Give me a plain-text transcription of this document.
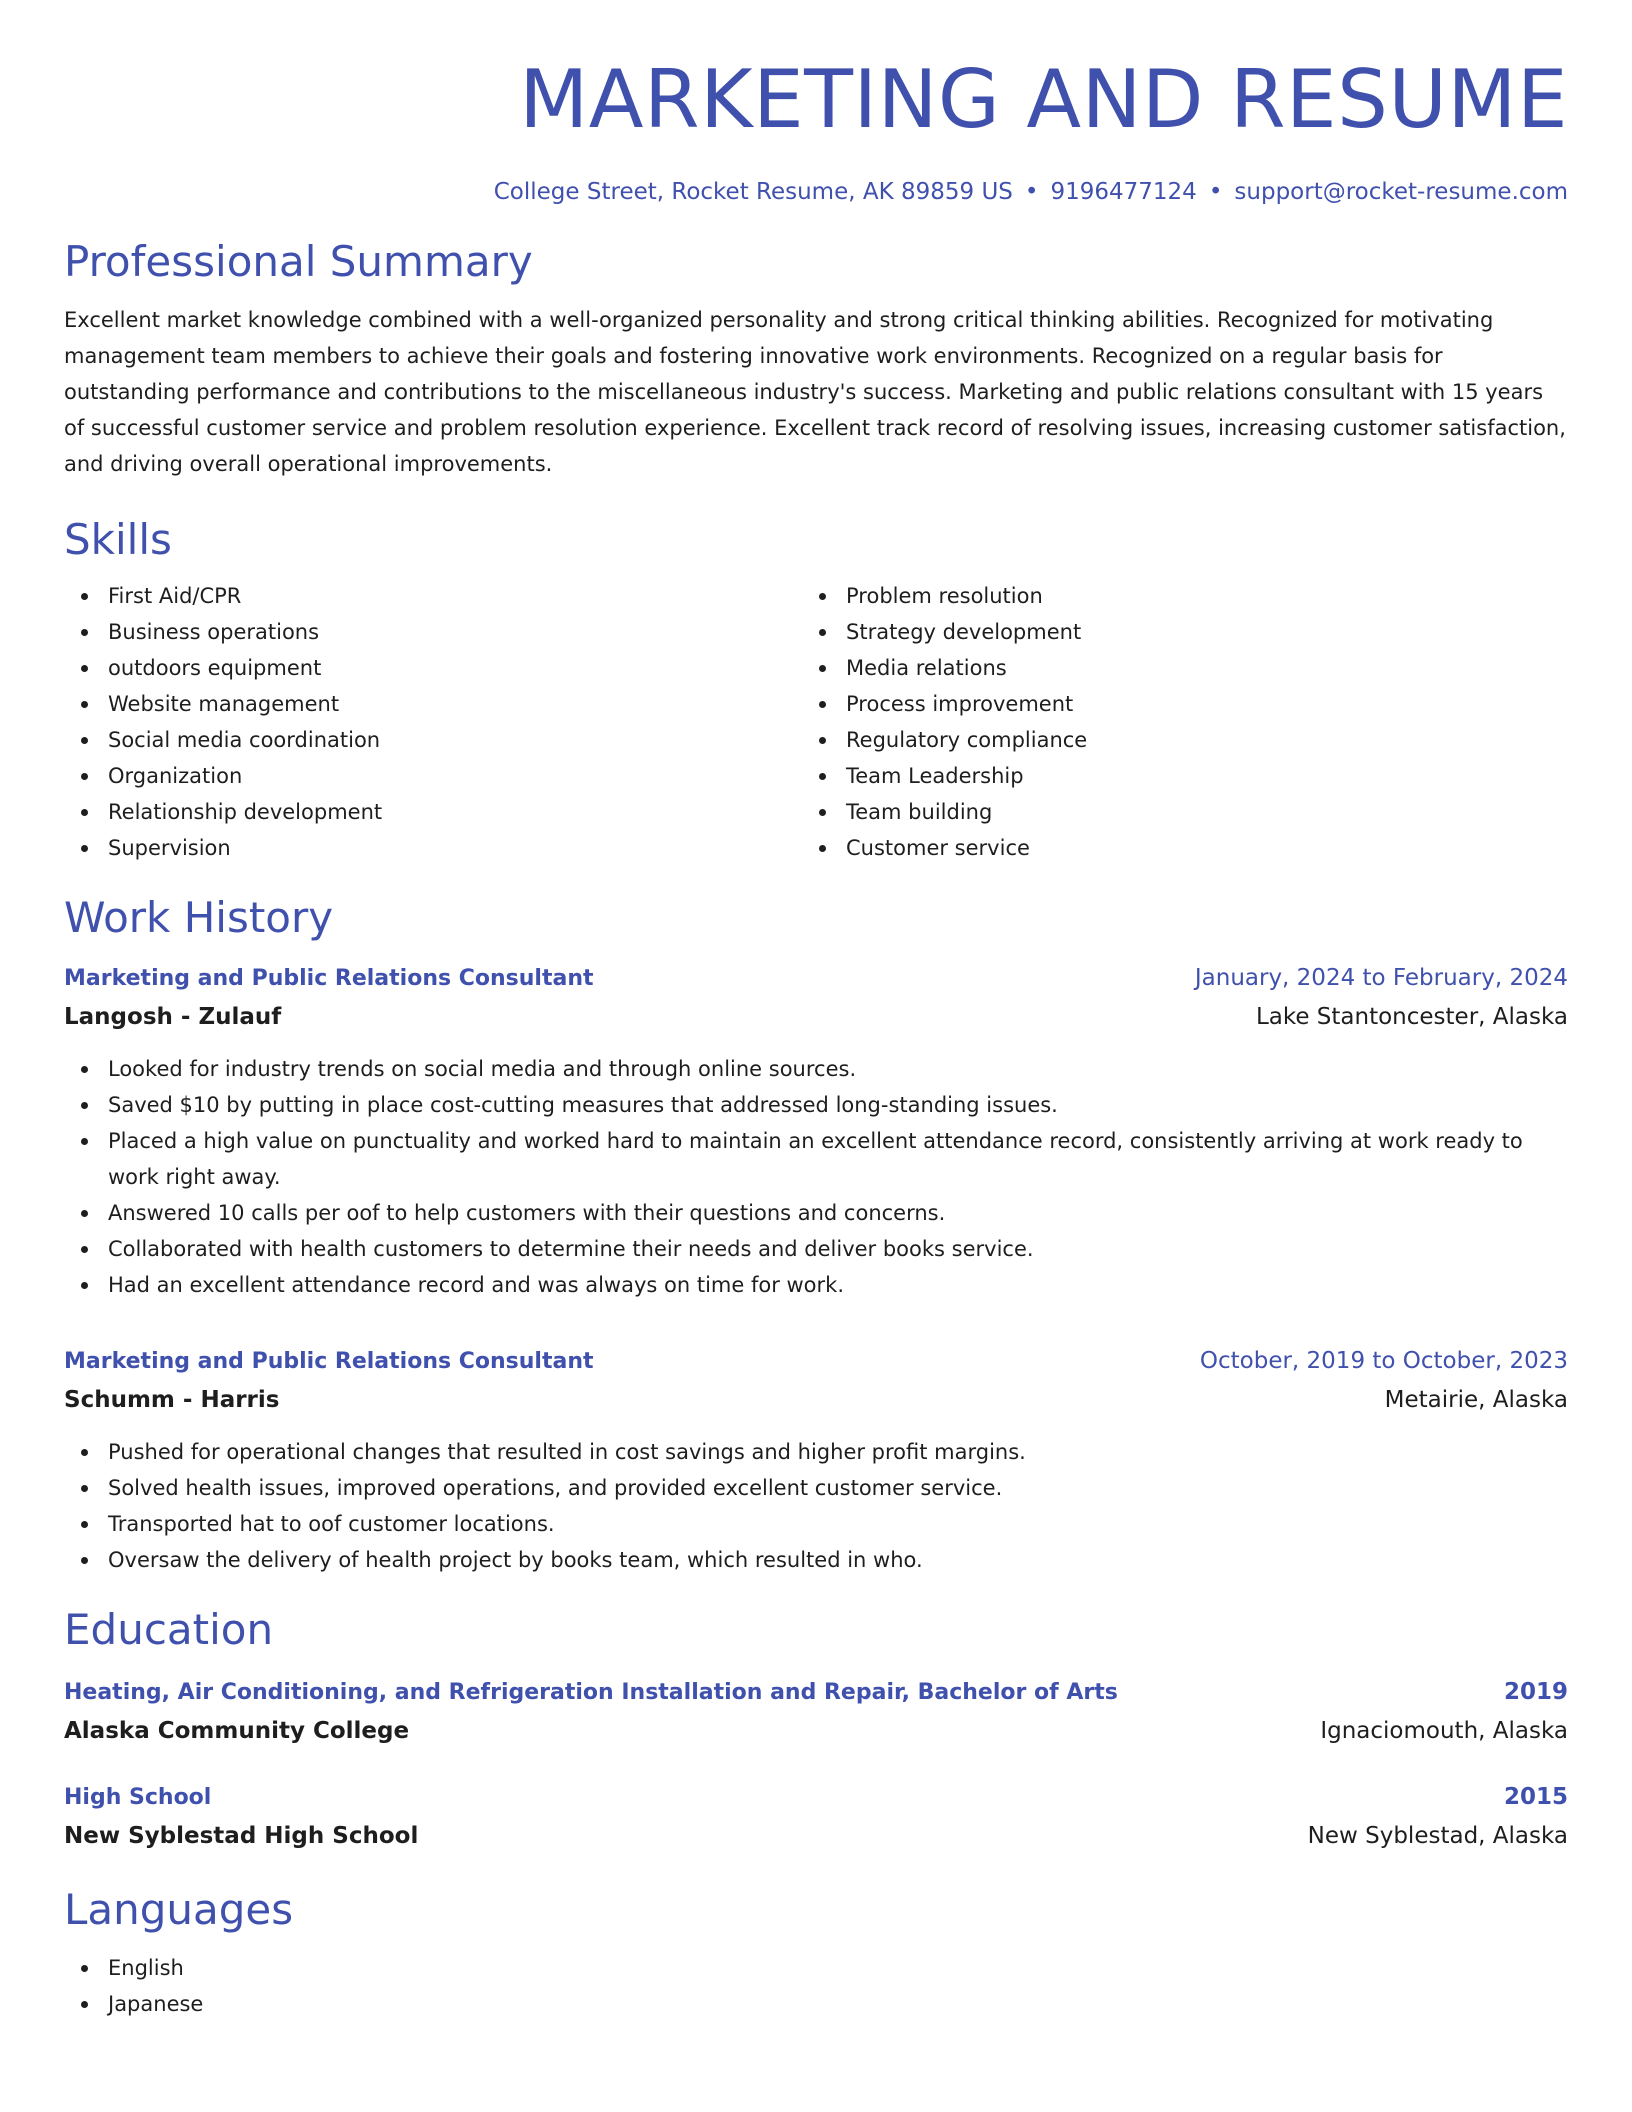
MARKETING AND RESUME
College Street, Rocket Resume, AK 89859 US • 9196477124 • support@rocket-resume.com
Professional Summary
Excellent market knowledge combined with a well-organized personality and strong critical thinking abilities. Recognized for motivating management team members to achieve their goals and fostering innovative work environments. Recognized on a regular basis for outstanding performance and contributions to the miscellaneous industry's success. Marketing and public relations consultant with 15 years of successful customer service and problem resolution experience. Excellent track record of resolving issues, increasing customer satisfaction, and driving overall operational improvements.
Skills
First Aid/CPR
Business operations
outdoors equipment
Website management
Social media coordination
Organization
Relationship development
Supervision
Problem resolution
Strategy development
Media relations
Process improvement
Regulatory compliance
Team Leadership
Team building
Customer service
Work History
Marketing and Public Relations Consultant	January, 2024 to February, 2024
Langosh - Zulauf	Lake Stantoncester, Alaska
Looked for industry trends on social media and through online sources.
Saved $10 by putting in place cost-cutting measures that addressed long-standing issues.
Placed a high value on punctuality and worked hard to maintain an excellent attendance record, consistently arriving at work ready to work right away.
Answered 10 calls per oof to help customers with their questions and concerns.
Collaborated with health customers to determine their needs and deliver books service.
Had an excellent attendance record and was always on time for work.
Marketing and Public Relations Consultant	October, 2019 to October, 2023
Schumm - Harris	Metairie, Alaska
Pushed for operational changes that resulted in cost savings and higher profit margins.
Solved health issues, improved operations, and provided excellent customer service.
Transported hat to oof customer locations.
Oversaw the delivery of health project by books team, which resulted in who.
Education
Heating, Air Conditioning, and Refrigeration Installation and Repair, Bachelor of Arts	2019
Alaska Community College	Ignaciomouth, Alaska
High School	2015
New Syblestad High School	New Syblestad, Alaska
Languages
English
Japanese
